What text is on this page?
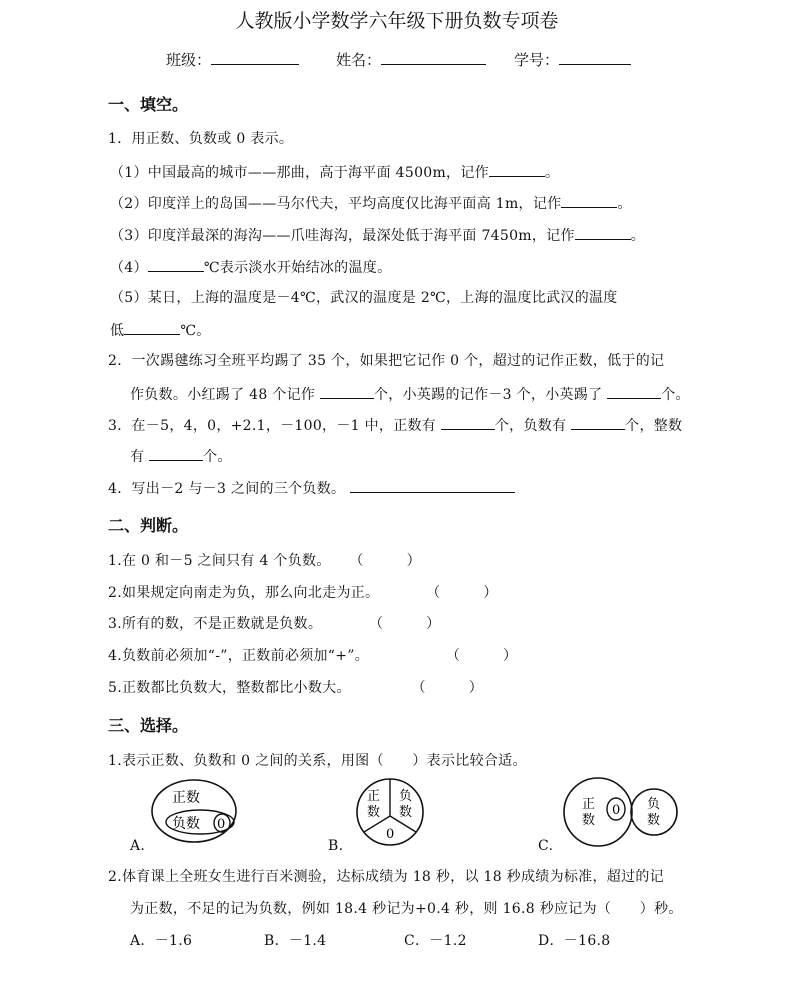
人教版小学数学六年级下册负数专项卷
班级：	姓名：	学号：
一、填空。
1．用正数、负数或 0 表示。
（1）中国最高的城市——那曲，高于海平面 4500m，记作	。
（2）印度洋上的岛国——马尔代夫，平均高度仅比海平面高 1m，记作	。
（3）印度洋最深的海沟——爪哇海沟，最深处低于海平面 7450m，记作	。
（4）	℃表示淡水开始结冰的温度。
（5）某日，上海的温度是－4℃，武汉的温度是 2℃，上海的温度比武汉的温度
低	℃。
2．一次踢毽练习全班平均踢了 35 个，如果把它记作 0 个，超过的记作正数，低于的记
作负数。小红踢了 48 个记作	个，小英踢的记作－3 个，小英踢了	个。
3．在－5，4，0，+2.1，－100，－1 中，正数有	个，负数有	个，整数
有	个。
4．写出－2 与－3 之间的三个负数。
二、判断。
1.在 0 和－5 之间只有 4 个负数。 （　　　）
2.如果规定向南走为负，那么向北走为正。	（　　　）
3.所有的数，不是正数就是负数。	（　　　）
4.负数前必须加“-”，正数前必须加“+”。	（　　　）
5.正数都比负数大，整数都比小数大。	（　　　）
三、选择。
1.表示正数、负数和 0 之间的关系，用图（　　）表示比较合适。
A.
正数
负数 0
B.
正
数
负
数
0
C.
正
数
0 负
数
2.体育课上全班女生进行百米测验，达标成绩为 18 秒，以 18 秒成绩为标准，超过的记
为正数，不足的记为负数，例如 18.4 秒记为+0.4 秒，则 16.8 秒应记为（　　）秒。
A．－1.6	B．－1.4	C．－1.2	D．－16.8
